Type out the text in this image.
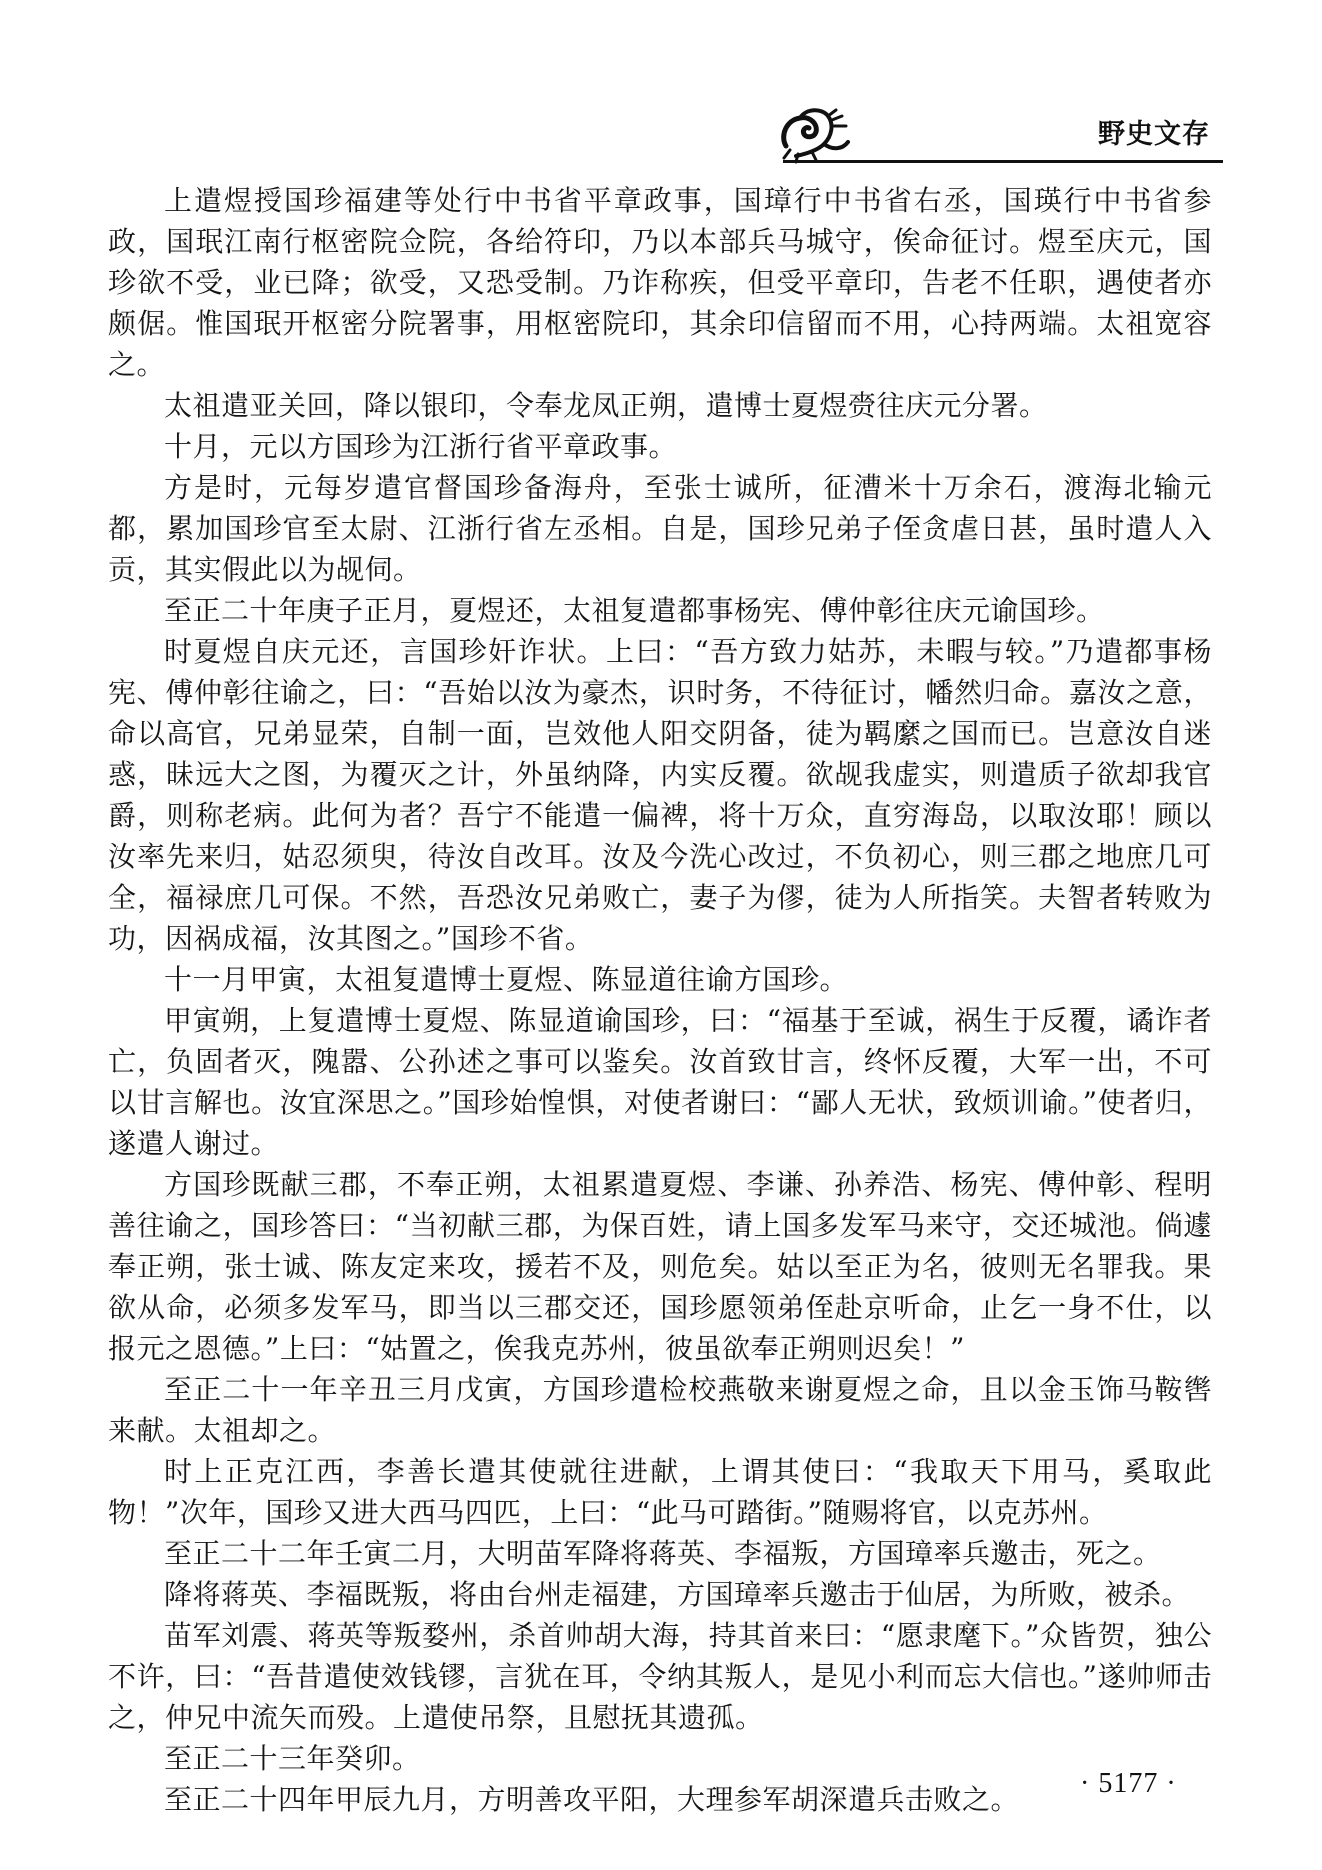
野史文存

上遣煜授国珍福建等处行中书省平章政事，国璋行中书省右丞，国瑛行中书省参政，国珉江南行枢密院佥院，各给符印，乃以本部兵马城守，俟命征讨。煜至庆元，国珍欲不受，业已降；欲受，又恐受制。乃诈称疾，但受平章印，告老不任职，遇使者亦颇倨。惟国珉开枢密分院署事，用枢密院印，其余印信留而不用，心持两端。太祖宽容之。

太祖遣亚关回，降以银印，令奉龙凤正朔，遣博士夏煜赍往庆元分署。

十月，元以方国珍为江浙行省平章政事。

方是时，元每岁遣官督国珍备海舟，至张士诚所，征漕米十万余石，渡海北输元都，累加国珍官至太尉、江浙行省左丞相。自是，国珍兄弟子侄贪虐日甚，虽时遣人入贡，其实假此以为觇伺。

至正二十年庚子正月，夏煜还，太祖复遣都事杨宪、傅仲彰往庆元谕国珍。

时夏煜自庆元还，言国珍奸诈状。上曰：“吾方致力姑苏，未暇与较。”乃遣都事杨宪、傅仲彰往谕之，曰：“吾始以汝为豪杰，识时务，不待征讨，幡然归命。嘉汝之意，命以高官，兄弟显荣，自制一面，岂效他人阳交阴备，徒为羁縻之国而已。岂意汝自迷惑，昧远大之图，为覆灭之计，外虽纳降，内实反覆。欲觇我虚实，则遣质子欲却我官爵，则称老病。此何为者？吾宁不能遣一偏裨，将十万众，直穷海岛，以取汝耶！顾以汝率先来归，姑忍须臾，待汝自改耳。汝及今洗心改过，不负初心，则三郡之地庶几可全，福禄庶几可保。不然，吾恐汝兄弟败亡，妻子为僇，徒为人所指笑。夫智者转败为功，因祸成福，汝其图之。”国珍不省。

十一月甲寅，太祖复遣博士夏煜、陈显道往谕方国珍。

甲寅朔，上复遣博士夏煜、陈显道谕国珍，曰：“福基于至诚，祸生于反覆，谲诈者亡，负固者灭，隗嚣、公孙述之事可以鉴矣。汝首致甘言，终怀反覆，大军一出，不可以甘言解也。汝宜深思之。”国珍始惶惧，对使者谢曰：“鄙人无状，致烦训谕。”使者归，遂遣人谢过。

方国珍既献三郡，不奉正朔，太祖累遣夏煜、李谦、孙养浩、杨宪、傅仲彰、程明善往谕之，国珍答曰：“当初献三郡，为保百姓，请上国多发军马来守，交还城池。倘遽奉正朔，张士诚、陈友定来攻，援若不及，则危矣。姑以至正为名，彼则无名罪我。果欲从命，必须多发军马，即当以三郡交还，国珍愿领弟侄赴京听命，止乞一身不仕，以报元之恩德。”上曰：“姑置之，俟我克苏州，彼虽欲奉正朔则迟矣！”

至正二十一年辛丑三月戊寅，方国珍遣检校燕敬来谢夏煜之命，且以金玉饰马鞍辔来献。太祖却之。

时上正克江西，李善长遣其使就往进献，上谓其使曰：“我取天下用马，奚取此物！”次年，国珍又进大西马四匹，上曰：“此马可踏街。”随赐将官，以克苏州。

至正二十二年壬寅二月，大明苗军降将蒋英、李福叛，方国璋率兵邀击，死之。

降将蒋英、李福既叛，将由台州走福建，方国璋率兵邀击于仙居，为所败，被杀。

苗军刘震、蒋英等叛婺州，杀首帅胡大海，持其首来曰：“愿隶麾下。”众皆贺，独公不许，曰：“吾昔遣使效钱镠，言犹在耳，令纳其叛人，是见小利而忘大信也。”遂帅师击之，仲兄中流矢而殁。上遣使吊祭，且慰抚其遗孤。

至正二十三年癸卯。

至正二十四年甲辰九月，方明善攻平阳，大理参军胡深遣兵击败之。	· 5177 ·
